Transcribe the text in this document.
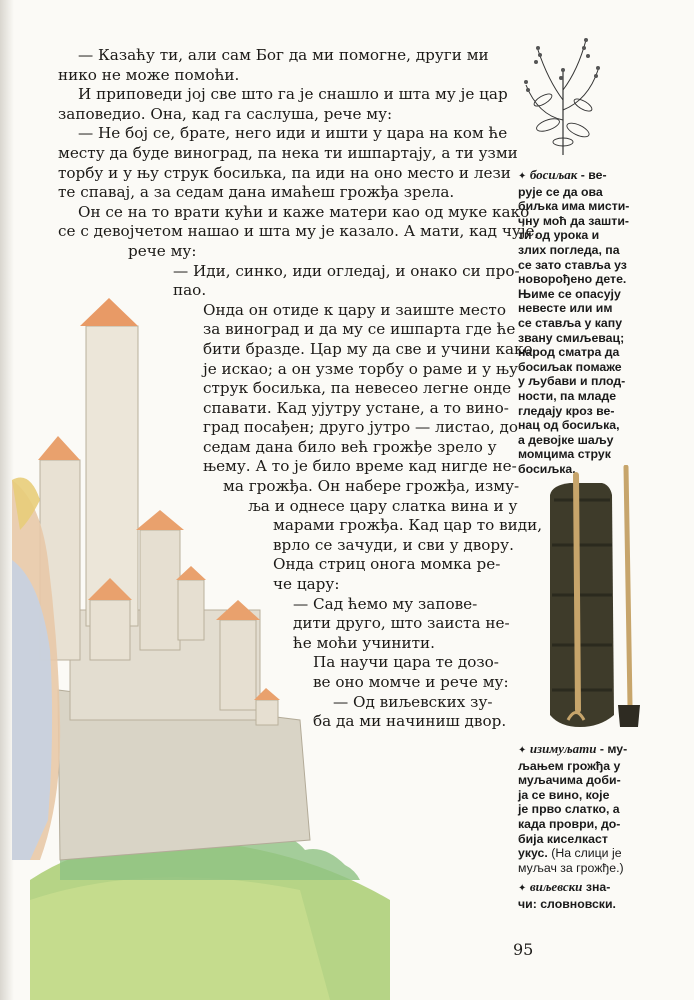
— Казаћу ти, али сам Бог да ми помогне, други ми

нико не може помоћи.

И приповеди јој све што га је снашло и шта му је цар

заповедио. Она, кад га саслуша, рече му:

— Не бој се, брате, него иди и ишти у цара на ком ће

месту да буде виноград, па нека ти ишпартају, а ти узми

торбу и у њу струк босиљка, па иди на оно место и лези

те спавај, а за седам дана имаћеш грожђа зрела.

Он се на то врати кући и каже матери као од муке како

се с девојчетом нашао и шта му је казало. А мати, кад чује,

рече му:

— Иди, синко, иди огледај, и онако си про-

пао.

Онда он отиде к цару и заиште место

за виноград и да му се ишпарта где ће

бити бразде. Цар му да све и учини како

је искао; а он узме торбу о раме и у њу

струк босиљка, па невесео легне онде

спавати. Кад ујутру устане, а то вино-

град посађен; друго јутро — листао, до

седам дана било већ грожђе зрело у

њему. А то је било време кад нигде не-

ма грожђа. Он набере грожђа, изму-

ља и однесе цару слатка вина и у

марами грожђа. Кад цар то види,

врло се зачуди, и сви у двору.

Онда стриц онога момка ре-

че цару:

— Сад ћемо му запове-

дити друго, што заиста не-

ће моћи учинити.

Па научи цара те дозо-

ве оно момче и рече му:

— Од виљевских зу-

ба да ми начиниш двор.

✦ босиљак - ве-
рује се да ова
биљка има мисти-
чну моћ да зашти-
ти од урока и
злих погледа, па
се зато ставља уз
новорођено дете.
Њиме се опасују
невесте или им
се ставља у капу
звану смиљевац;
народ сматра да
босиљак помаже
у љубави и плод-
ности, па младе
гледају кроз ве-
нац од босиљка,
а девојке шаљу
момцима струк
босиљка.
✦ изимуљати - му-
љањем грожђа у
муљачима доби-
ја се вино, које
је прво слатко, а
када проври, до-
бија киселкаст
укус. (На слици је муљач за грожђе.)
✦ виљевски зна-
чи: словновски.
95
